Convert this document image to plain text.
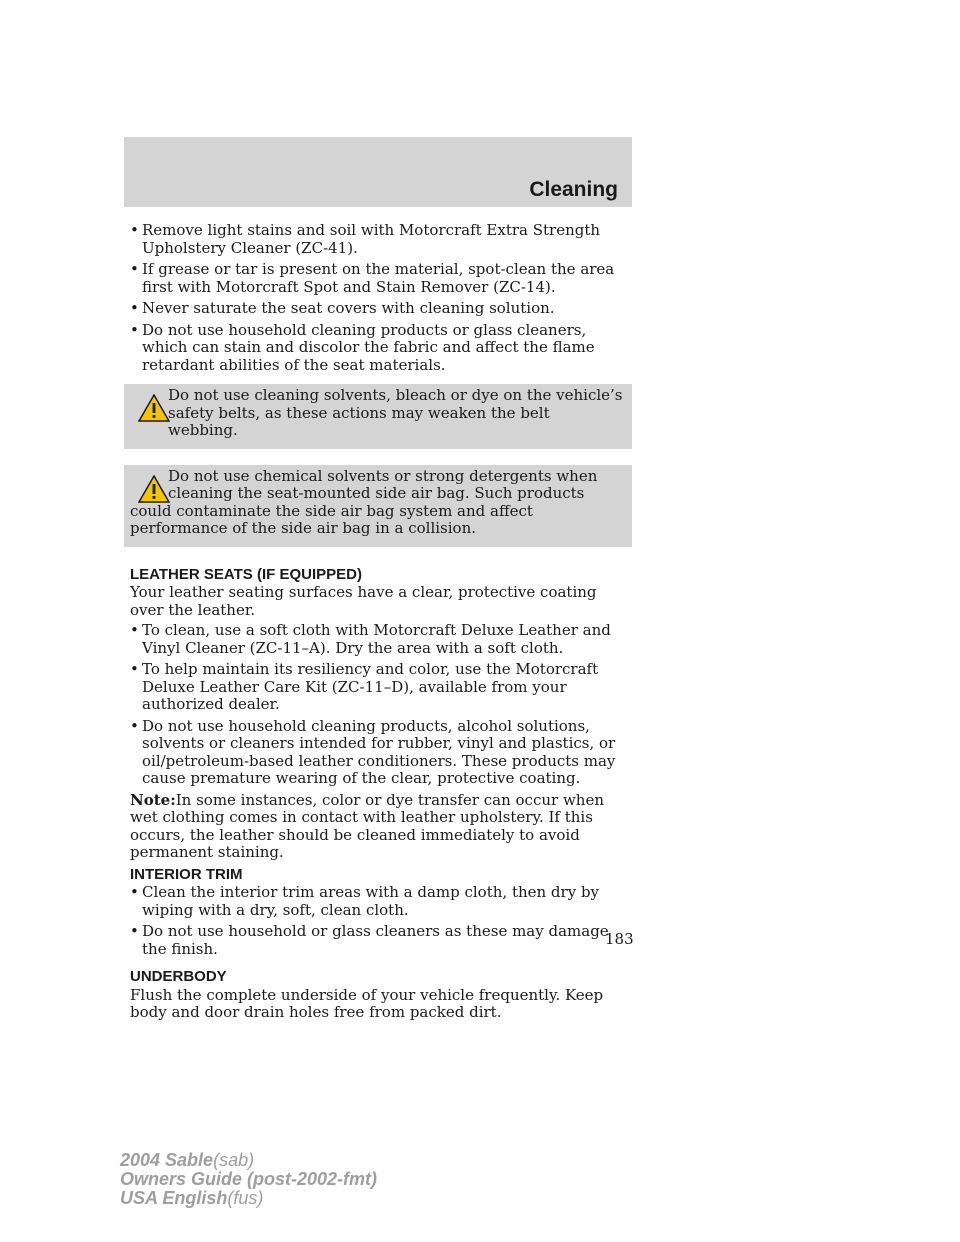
Cleaning
• Remove light stains and soil with Motorcraft Extra Strength Upholstery Cleaner (ZC-41).
• If grease or tar is present on the material, spot-clean the area first with Motorcraft Spot and Stain Remover (ZC-14).
• Never saturate the seat covers with cleaning solution.
• Do not use household cleaning products or glass cleaners, which can stain and discolor the fabric and affect the flame retardant abilities of the seat materials.
Do not use cleaning solvents, bleach or dye on the vehicle’s safety belts, as these actions may weaken the belt webbing.
Do not use chemical solvents or strong detergents when cleaning the seat-mounted side air bag. Such products could contaminate the side air bag system and affect performance of the side air bag in a collision.
LEATHER SEATS (IF EQUIPPED)

Your leather seating surfaces have a clear, protective coating over the leather.

• To clean, use a soft cloth with Motorcraft Deluxe Leather and Vinyl Cleaner (ZC-11–A). Dry the area with a soft cloth.
• To help maintain its resiliency and color, use the Motorcraft Deluxe Leather Care Kit (ZC-11–D), available from your authorized dealer.
• Do not use household cleaning products, alcohol solutions, solvents or cleaners intended for rubber, vinyl and plastics, or oil/petroleum-based leather conditioners. These products may cause premature wearing of the clear, protective coating.

Note:In some instances, color or dye transfer can occur when wet clothing comes in contact with leather upholstery. If this occurs, the leather should be cleaned immediately to avoid permanent staining.

INTERIOR TRIM
• Clean the interior trim areas with a damp cloth, then dry by wiping with a dry, soft, clean cloth.
• Do not use household or glass cleaners as these may damage the finish.
UNDERBODY

Flush the complete underside of your vehicle frequently. Keep body and door drain holes free from packed dirt.

183
2004 Sable(sab)
Owners Guide (post-2002-fmt)
USA English(fus)
